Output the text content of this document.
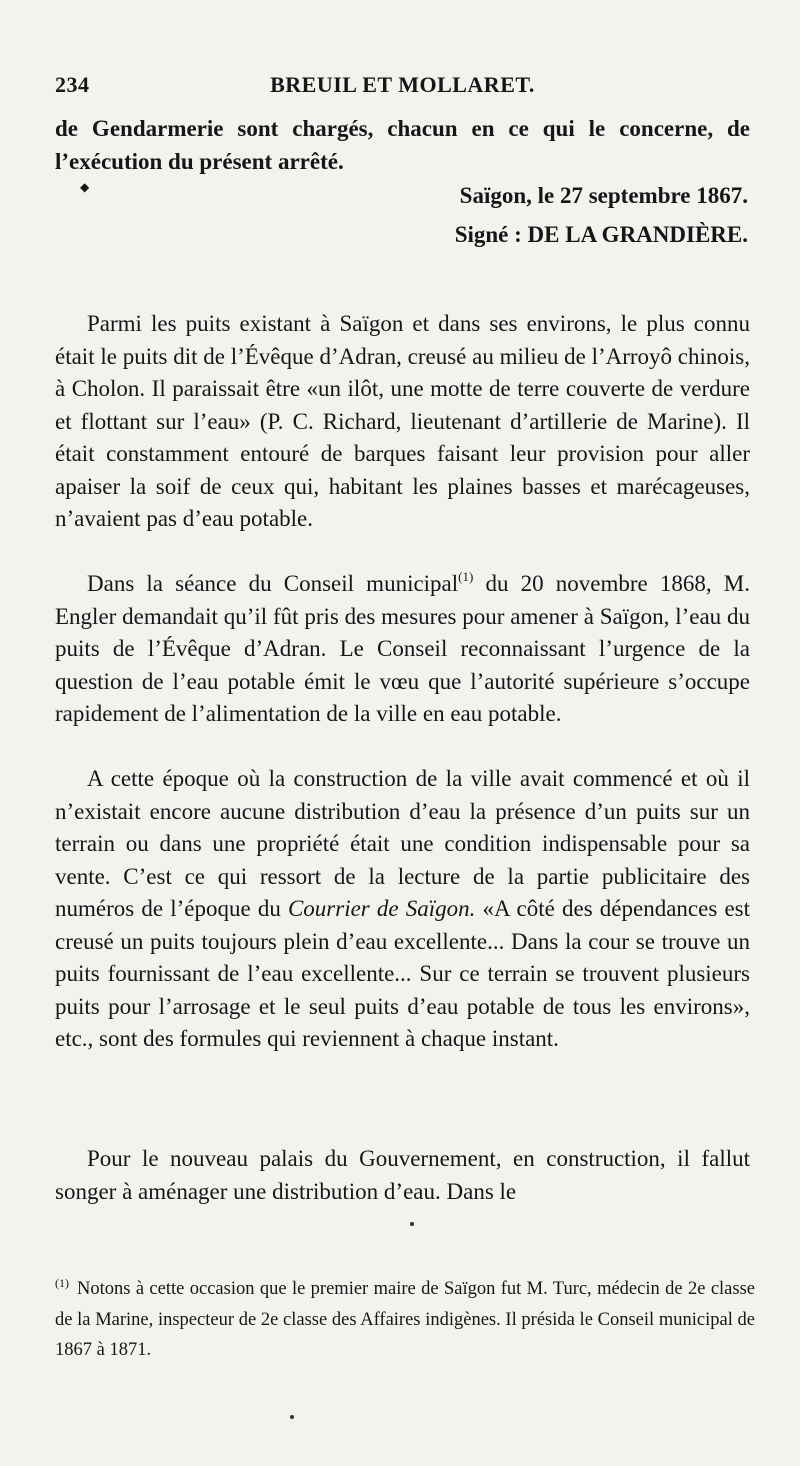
234	BREUIL ET MOLLARET.

de Gendarmerie sont chargés, chacun en ce qui le concerne, de l’exécution du présent arrêté.

◆	Saïgon, le 27 septembre 1867.

Signé : DE LA GRANDIÈRE.

Parmi les puits existant à Saïgon et dans ses environs, le plus connu était le puits dit de l’Évêque d’Adran, creusé au milieu de l’Arroyô chinois, à Cholon. Il paraissait être «un ilôt, une motte de terre couverte de verdure et flottant sur l’eau» (P. C. Richard, lieutenant d’artillerie de Marine). Il était constamment entouré de barques faisant leur provision pour aller apaiser la soif de ceux qui, habitant les plaines basses et marécageuses, n’avaient pas d’eau potable.

Dans la séance du Conseil municipal$^{(1)}$ du 20 novembre 1868, M. Engler demandait qu’il fût pris des mesures pour amener à Saïgon, l’eau du puits de l’Évêque d’Adran. Le Conseil reconnaissant l’urgence de la question de l’eau potable émit le vœu que l’autorité supérieure s’occupe rapidement de l’alimentation de la ville en eau potable.

A cette époque où la construction de la ville avait commencé et où il n’existait encore aucune distribution d’eau la présence d’un puits sur un terrain ou dans une propriété était une condition indispensable pour sa vente. C’est ce qui ressort de la lecture de la partie publicitaire des numéros de l’époque du Courrier de Saïgon. «A côté des dépendances est creusé un puits toujours plein d’eau excellente... Dans la cour se trouve un puits fournissant de l’eau excellente... Sur ce terrain se trouvent plusieurs puits pour l’arrosage et le seul puits d’eau potable de tous les environs», etc., sont des formules qui reviennent à chaque instant.

Pour le nouveau palais du Gouvernement, en construction, il fallut songer à aménager une distribution d’eau. Dans le

$^{(1)}$ Notons à cette occasion que le premier maire de Saïgon fut M. Turc, médecin de 2e classe de la Marine, inspecteur de 2e classe des Affaires indigènes. Il présida le Conseil municipal de 1867 à 1871.
